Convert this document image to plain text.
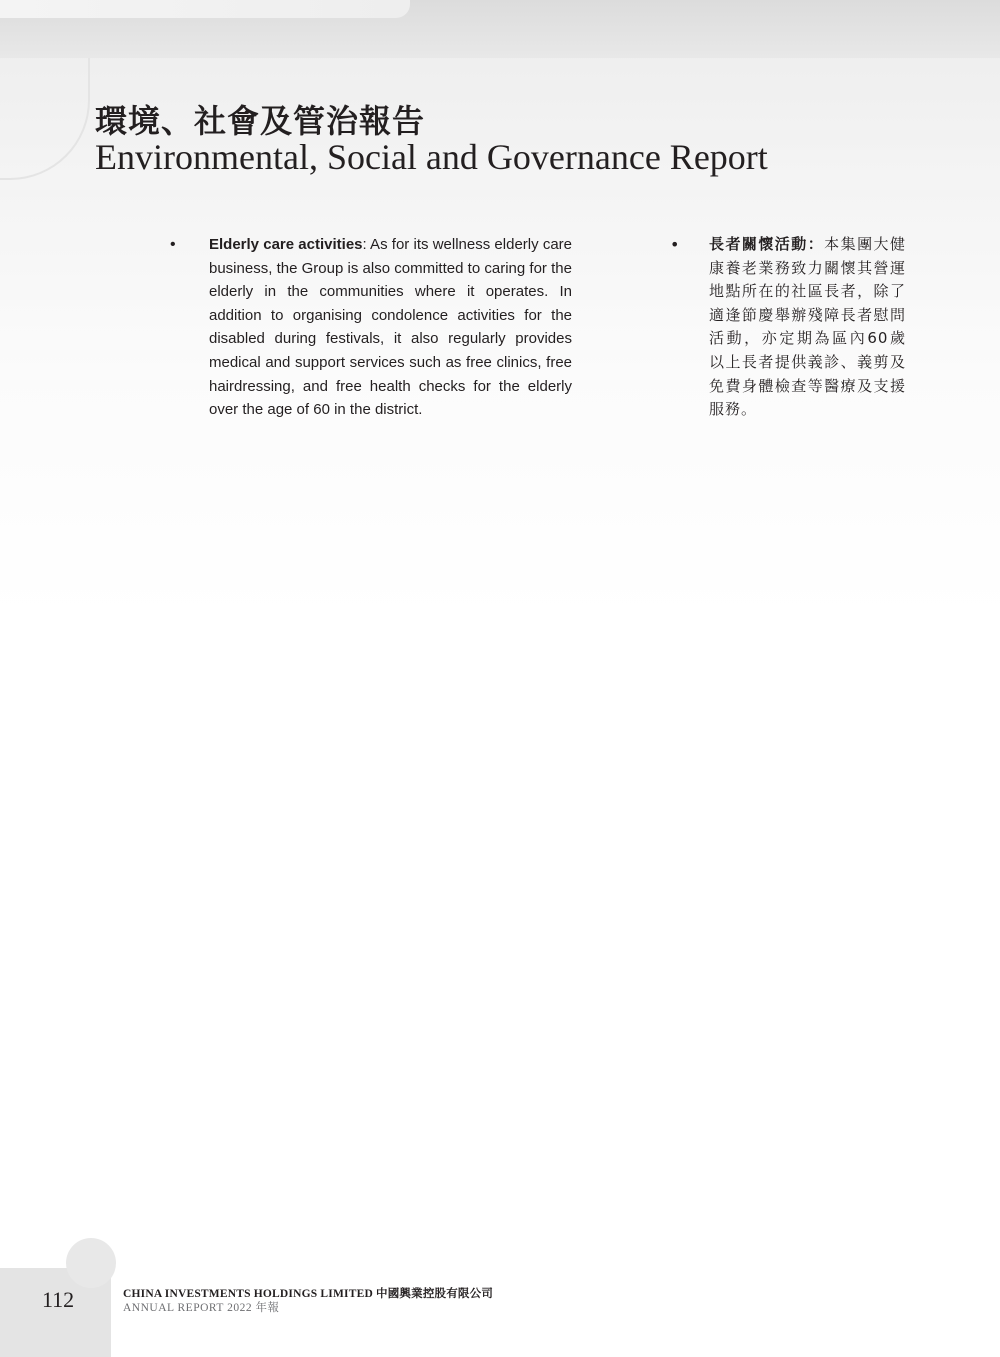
環境、社會及管治報告
Environmental, Social and Governance Report
• Elderly care activities: As for its wellness elderly care business, the Group is also committed to caring for the elderly in the communities where it operates. In addition to organising condolence activities for the disabled during festivals, it also regularly provides medical and support services such as free clinics, free hairdressing, and free health checks for the elderly over the age of 60 in the district.

• 長者關懷活動：本集團大健康養老業務致力關懷其營運地點所在的社區長者，除了適逢節慶舉辦殘障長者慰問活動，亦定期為區內60歲以上長者提供義診、義剪及免費身體檢查等醫療及支援服務。

112	CHINA INVESTMENTS HOLDINGS LIMITED 中國興業控股有限公司
ANNUAL REPORT 2022 年報
